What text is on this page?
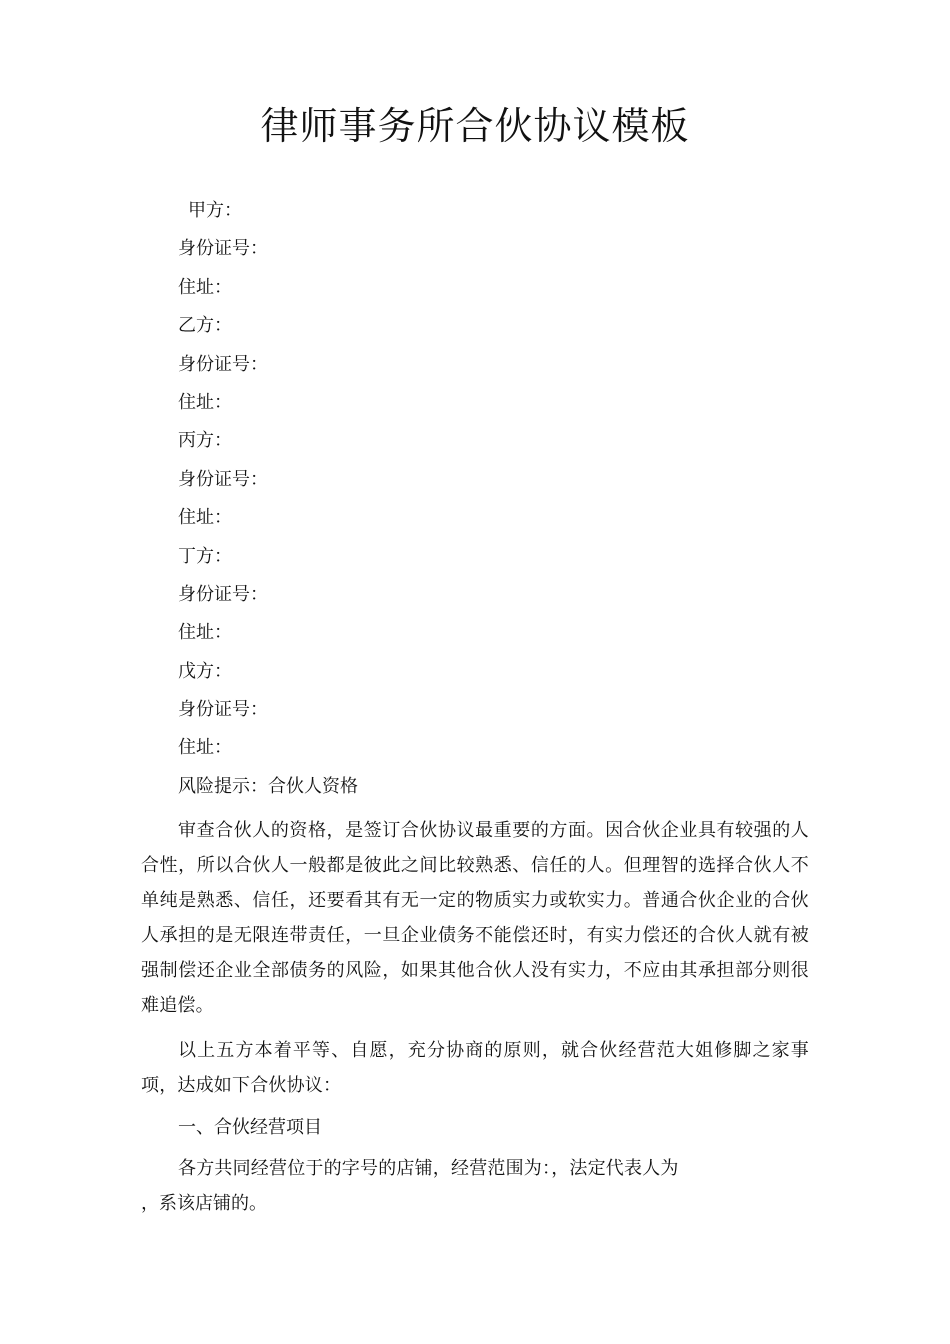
律师事务所合伙协议模板
甲方：
身份证号：
住址：
乙方：
身份证号：
住址：
丙方：
身份证号：
住址：
丁方：
身份证号：
住址：
戊方：
身份证号：
住址：
风险提示：合伙人资格

审查合伙人的资格，是签订合伙协议最重要的方面。因合伙企业具有较强的人合性，所以合伙人一般都是彼此之间比较熟悉、信任的人。但理智的选择合伙人不单纯是熟悉、信任，还要看其有无一定的物质实力或软实力。普通合伙企业的合伙人承担的是无限连带责任，一旦企业债务不能偿还时，有实力偿还的合伙人就有被强制偿还企业全部债务的风险，如果其他合伙人没有实力，不应由其承担部分则很难追偿。

以上五方本着平等、自愿，充分协商的原则，就合伙经营范大姐修脚之家事项，达成如下合伙协议：

一、合伙经营项目

各方共同经营位于的字号的店铺，经营范围为：，法定代表人为

，系该店铺的。
